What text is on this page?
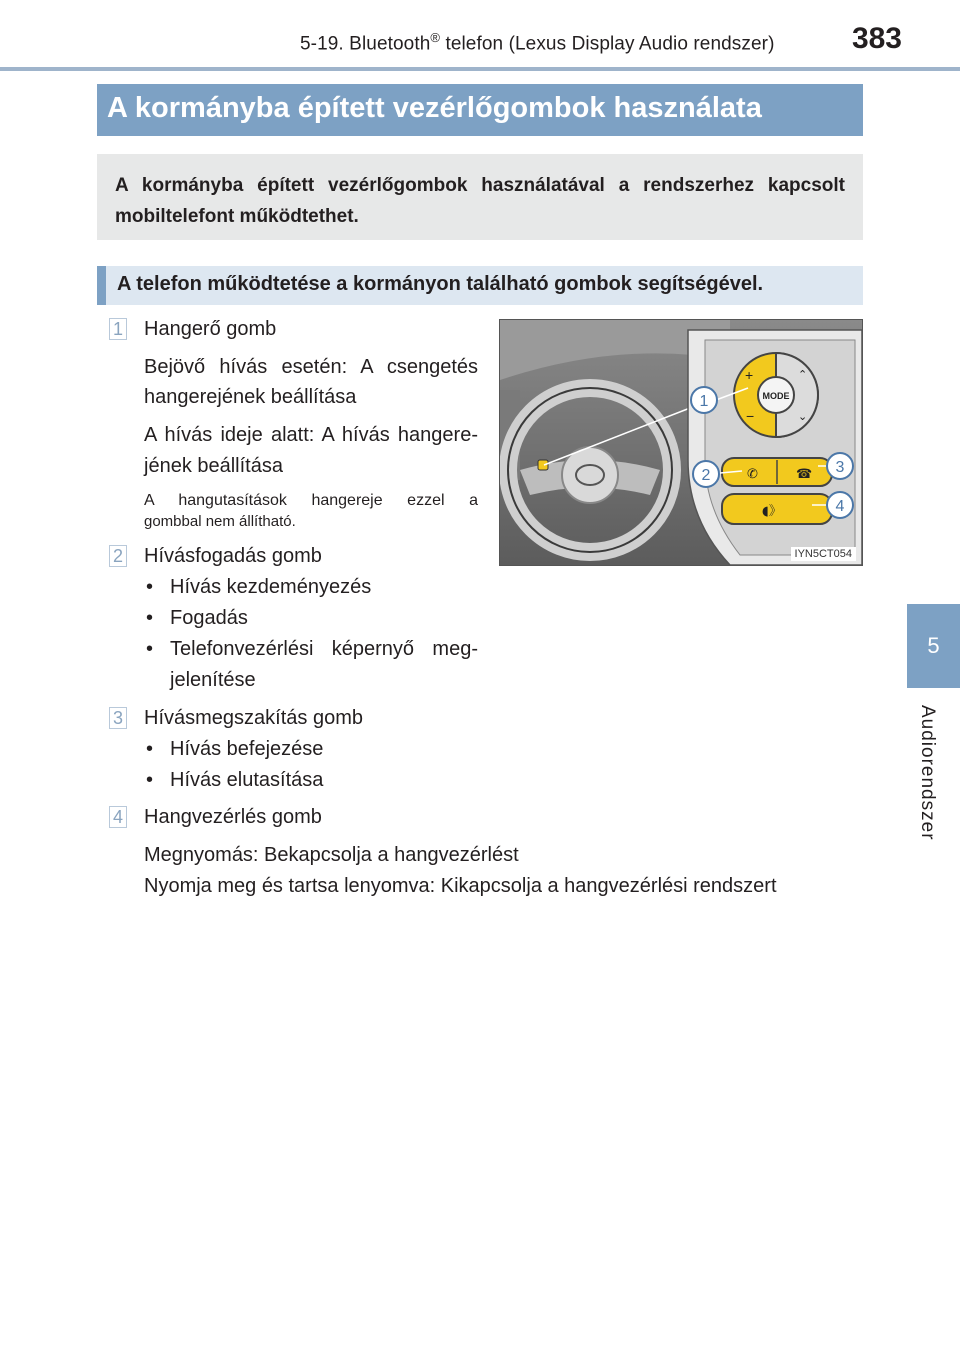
5-19. Bluetooth® telefon (Lexus Display Audio rendszer)	383
5
Audiorendszer
A kormányba épített vezérlőgombok használata
A kormányba épített vezérlőgombok használatával a rendszerhez kapcsolt mobiltelefont működtethet.
A telefon működtetése a kormányon található gombok segítségével.
1 Hangerő gomb
Bejövő hívás esetén: A csengetés
hangerejének beállítása
A hívás ideje alatt: A hívás hangere-
jének beállítása
A hangutasítások hangereje ezzel a
gombbal nem állítható.
2 Hívásfogadás gomb
• Hívás kezdeményezés
• Fogadás
• Telefonvezérlési képernyő meg-
jelenítése
3 Hívásmegszakítás gomb
• Hívás befejezése
• Hívás elutasítása
4 Hangvezérlés gomb
Megnyomás: Bekapcsolja a hangvezérlést
Nyomja meg és tartsa lenyomva: Kikapcsolja a hangvezérlési rendszert
MODE
+
−
⌃
⌄
✆	☎
◖》
1
2	3
4
IYN5CT054
